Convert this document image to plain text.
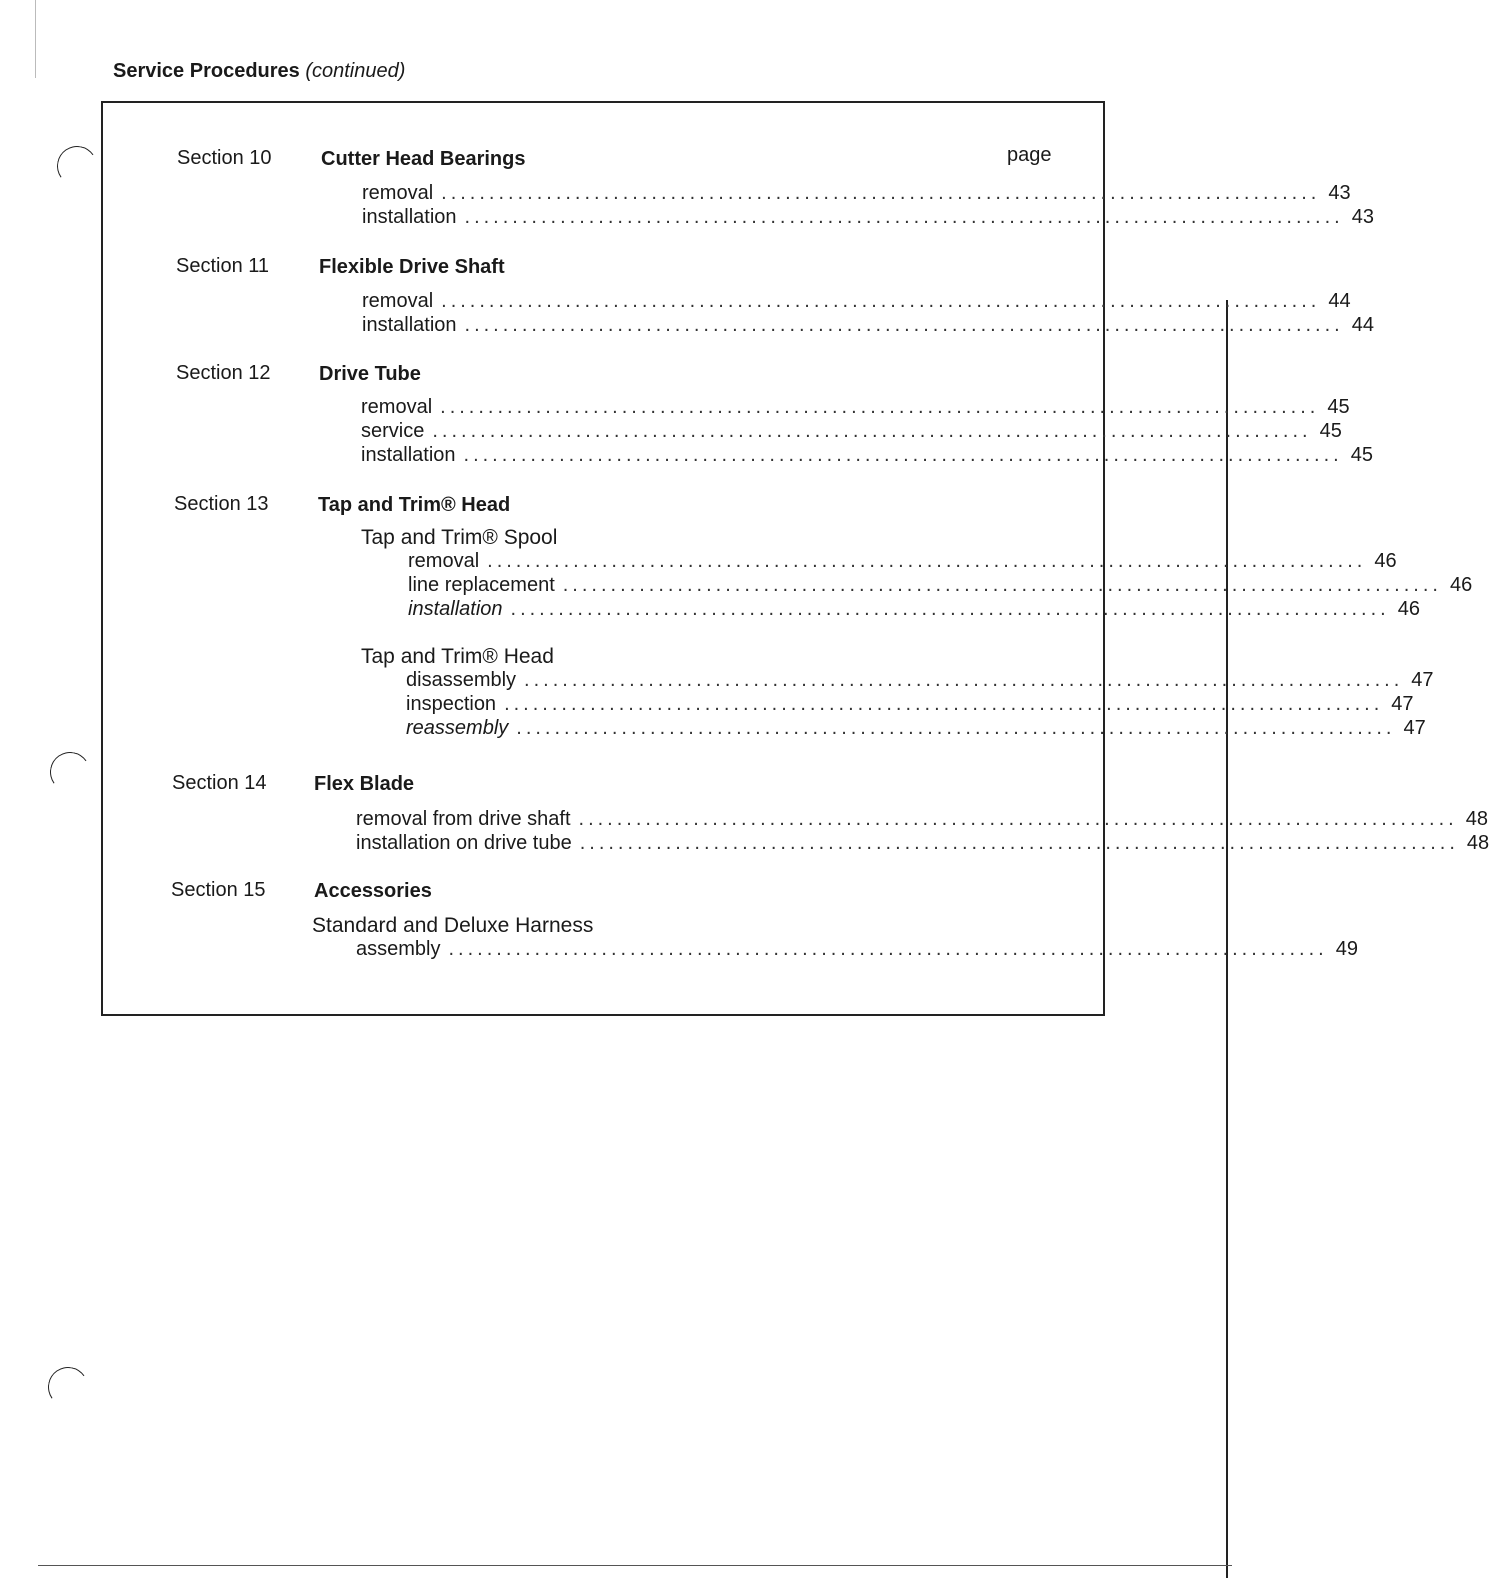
Service Procedures (continued)
page
Section 10 Cutter Head Bearings
removal ............................................................................................ 43
installation ............................................................................................ 43
Section 11 Flexible Drive Shaft
removal ............................................................................................ 44
installation ............................................................................................ 44
Section 12 Drive Tube
removal ............................................................................................ 45
service ............................................................................................ 45
installation ............................................................................................ 45
Section 13 Tap and Trim® Head
Tap and Trim® Spool
removal ............................................................................................ 46
line replacement ............................................................................................ 46
installation ............................................................................................ 46
Tap and Trim® Head
disassembly ............................................................................................ 47
inspection ............................................................................................ 47
reassembly ............................................................................................ 47
Section 14 Flex Blade
removal from drive shaft ............................................................................................ 48
installation on drive tube ............................................................................................ 48
Section 15 Accessories
Standard and Deluxe Harness
assembly ............................................................................................ 49
